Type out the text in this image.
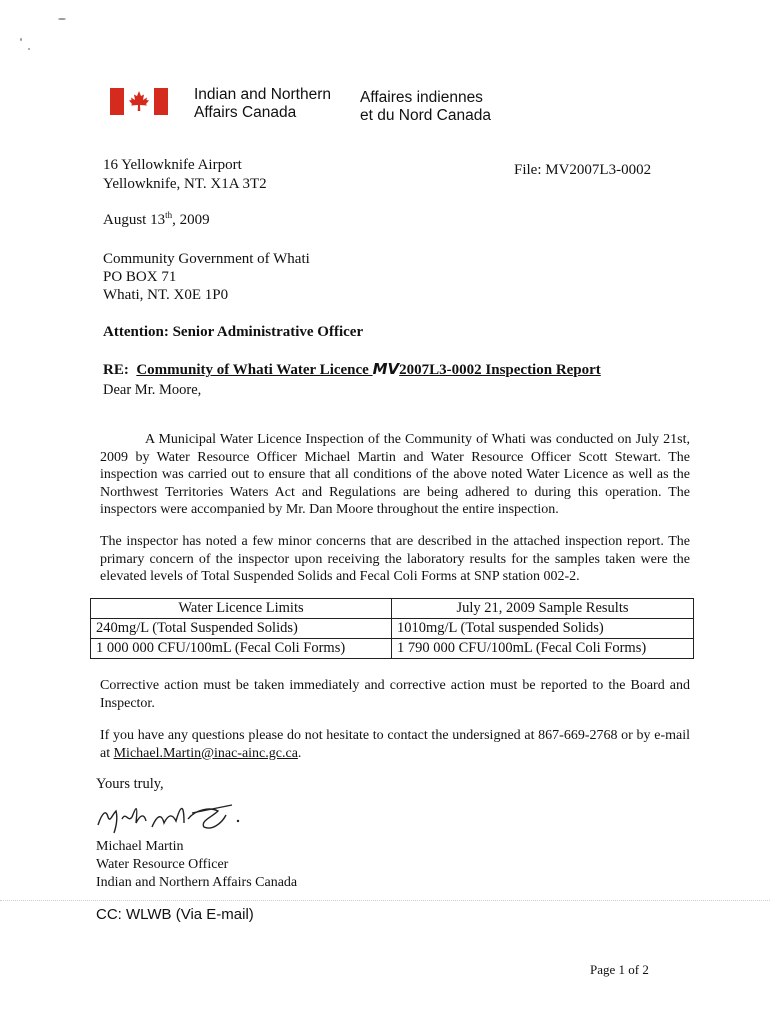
Indian and Northern
Affairs Canada
Affaires indiennes
et du Nord Canada
16 Yellowknife Airport
Yellowknife, NT. X1A 3T2
File: MV2007L3-0002
August 13th, 2009
Community Government of Whati
PO BOX 71
Whati, NT. X0E 1P0
Attention: Senior Administrative Officer
RE: Community of Whati Water Licence MV2007L3-0002 Inspection Report
Dear Mr. Moore,
A Municipal Water Licence Inspection of the Community of Whati was conducted on July 21st, 2009 by Water Resource Officer Michael Martin and Water Resource Officer Scott Stewart. The inspection was carried out to ensure that all conditions of the above noted Water Licence as well as the Northwest Territories Waters Act and Regulations are being adhered to during this operation. The inspectors were accompanied by Mr. Dan Moore throughout the entire inspection.
The inspector has noted a few minor concerns that are described in the attached inspection report. The primary concern of the inspector upon receiving the laboratory results for the samples taken were the elevated levels of Total Suspended Solids and Fecal Coli Forms at SNP station 002-2.
Water Licence Limits	July 21, 2009 Sample Results
240mg/L (Total Suspended Solids)	1010mg/L (Total suspended Solids)
1 000 000 CFU/100mL (Fecal Coli Forms)	1 790 000 CFU/100mL (Fecal Coli Forms)
Corrective action must be taken immediately and corrective action must be reported to the Board and Inspector.
If you have any questions please do not hesitate to contact the undersigned at 867-669-2768 or by e-mail at Michael.Martin@inac-ainc.gc.ca.
Yours truly,
Michael Martin
Water Resource Officer
Indian and Northern Affairs Canada
CC: WLWB (Via E-mail)
Page 1 of 2
